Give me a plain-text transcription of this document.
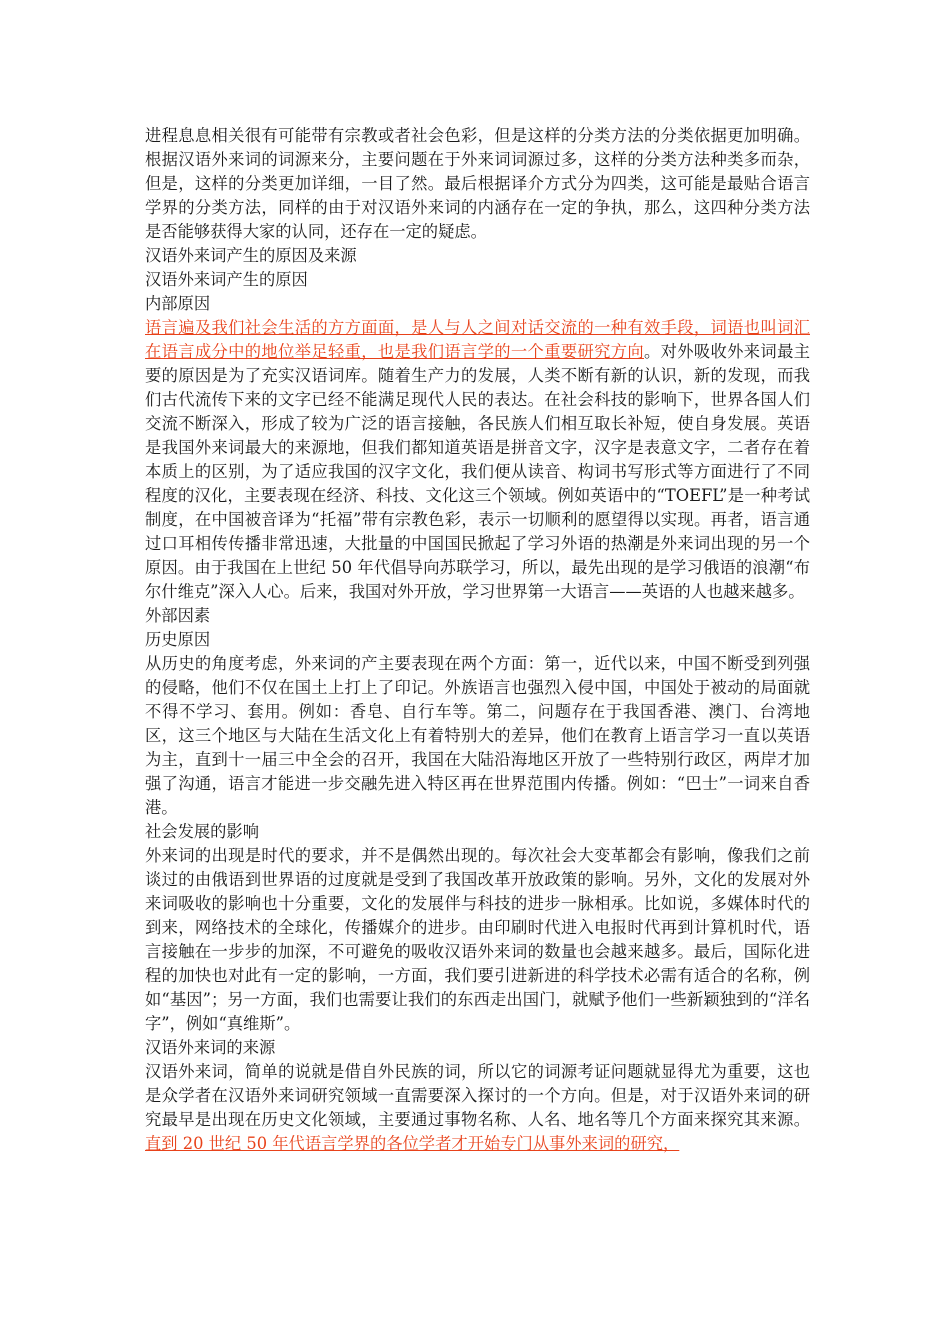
进程息息相关很有可能带有宗教或者社会色彩，但是这样的分类方法的分类依据更加明确。根据汉语外来词的词源来分，主要问题在于外来词词源过多，这样的分类方法种类多而杂，但是，这样的分类更加详细，一目了然。最后根据译介方式分为四类，这可能是最贴合语言学界的分类方法，同样的由于对汉语外来词的内涵存在一定的争执，那么，这四种分类方法是否能够获得大家的认同，还存在一定的疑虑。

汉语外来词产生的原因及来源
汉语外来词产生的原因
内部原因

语言遍及我们社会生活的方方面面，是人与人之间对话交流的一种有效手段，词语也叫词汇在语言成分中的地位举足轻重，也是我们语言学的一个重要研究方向。对外吸收外来词最主要的原因是为了充实汉语词库。随着生产力的发展，人类不断有新的认识，新的发现，而我们古代流传下来的文字已经不能满足现代人民的表达。在社会科技的影响下，世界各国人们交流不断深入，形成了较为广泛的语言接触，各民族人们相互取长补短，使自身发展。英语是我国外来词最大的来源地，但我们都知道英语是拼音文字，汉字是表意文字，二者存在着本质上的区别，为了适应我国的汉字文化，我们便从读音、构词书写形式等方面进行了不同程度的汉化，主要表现在经济、科技、文化这三个领域。例如英语中的“TOEFL”是一种考试制度，在中国被音译为“托福”带有宗教色彩，表示一切顺利的愿望得以实现。再者，语言通过口耳相传传播非常迅速，大批量的中国国民掀起了学习外语的热潮是外来词出现的另一个原因。由于我国在上世纪 50 年代倡导向苏联学习，所以，最先出现的是学习俄语的浪潮“布尔什维克”深入人心。后来，我国对外开放，学习世界第一大语言——英语的人也越来越多。

外部因素
历史原因

从历史的角度考虑，外来词的产主要表现在两个方面：第一，近代以来，中国不断受到列强的侵略，他们不仅在国土上打上了印记。外族语言也强烈入侵中国，中国处于被动的局面就不得不学习、套用。例如：香皂、自行车等。第二，问题存在于我国香港、澳门、台湾地区，这三个地区与大陆在生活文化上有着特别大的差异，他们在教育上语言学习一直以英语为主，直到十一届三中全会的召开，我国在大陆沿海地区开放了一些特别行政区，两岸才加强了沟通，语言才能进一步交融先进入特区再在世界范围内传播。例如：“巴士”一词来自香港。

社会发展的影响

外来词的出现是时代的要求，并不是偶然出现的。每次社会大变革都会有影响，像我们之前谈过的由俄语到世界语的过度就是受到了我国改革开放政策的影响。另外，文化的发展对外来词吸收的影响也十分重要，文化的发展伴与科技的进步一脉相承。比如说，多媒体时代的到来，网络技术的全球化，传播媒介的进步。由印刷时代进入电报时代再到计算机时代，语言接触在一步步的加深，不可避免的吸收汉语外来词的数量也会越来越多。最后，国际化进程的加快也对此有一定的影响，一方面，我们要引进新进的科学技术必需有适合的名称，例如“基因”；另一方面，我们也需要让我们的东西走出国门，就赋予他们一些新颖独到的“洋名字”，例如“真维斯”。

汉语外来词的来源

汉语外来词，简单的说就是借自外民族的词，所以它的词源考证问题就显得尤为重要，这也是众学者在汉语外来词研究领域一直需要深入探讨的一个方向。但是，对于汉语外来词的研究最早是出现在历史文化领域，主要通过事物名称、人名、地名等几个方面来探究其来源。直到 20 世纪 50 年代语言学界的各位学者才开始专门从事外来词的研究，
